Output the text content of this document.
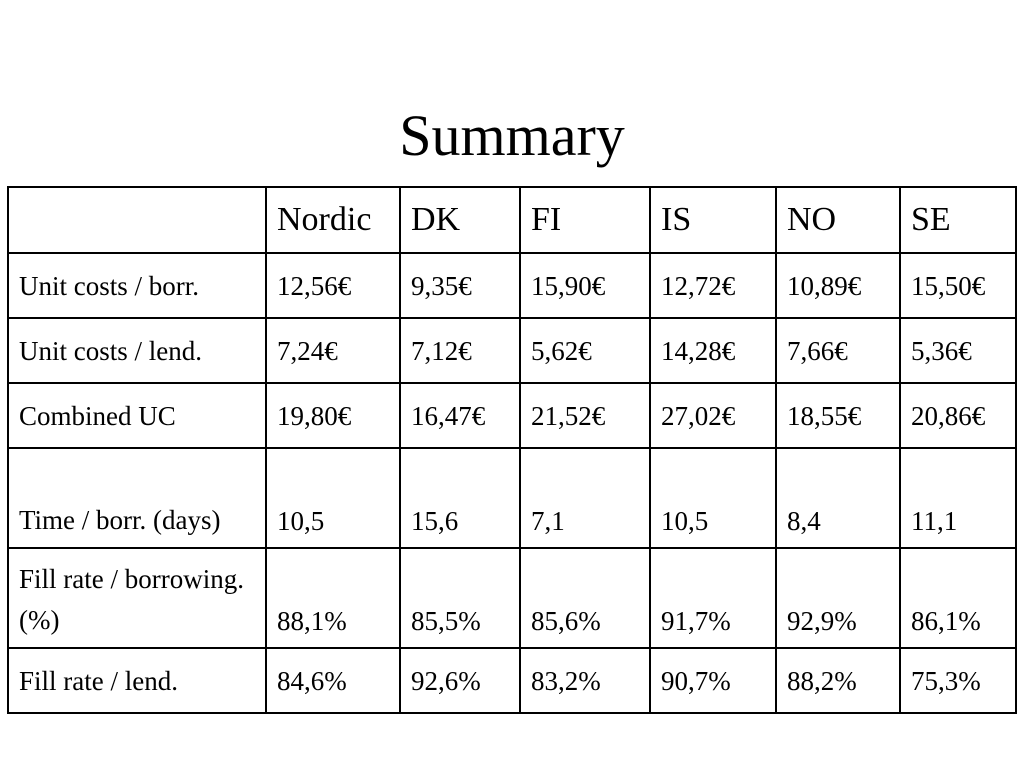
Summary
	Nordic	DK	FI	IS	NO	SE
Unit costs / borr.	12,56€	9,35€	15,90€	12,72€	10,89€	15,50€
Unit costs / lend.	7,24€	7,12€	5,62€	14,28€	7,66€	5,36€
Combined UC	19,80€	16,47€	21,52€	27,02€	18,55€	20,86€
Time / borr. (days)	10,5	15,6	7,1	10,5	8,4	11,1
Fill rate / borrowing. (%)	88,1%	85,5%	85,6%	91,7%	92,9%	86,1%
Fill rate / lend.	84,6%	92,6%	83,2%	90,7%	88,2%	75,3%
